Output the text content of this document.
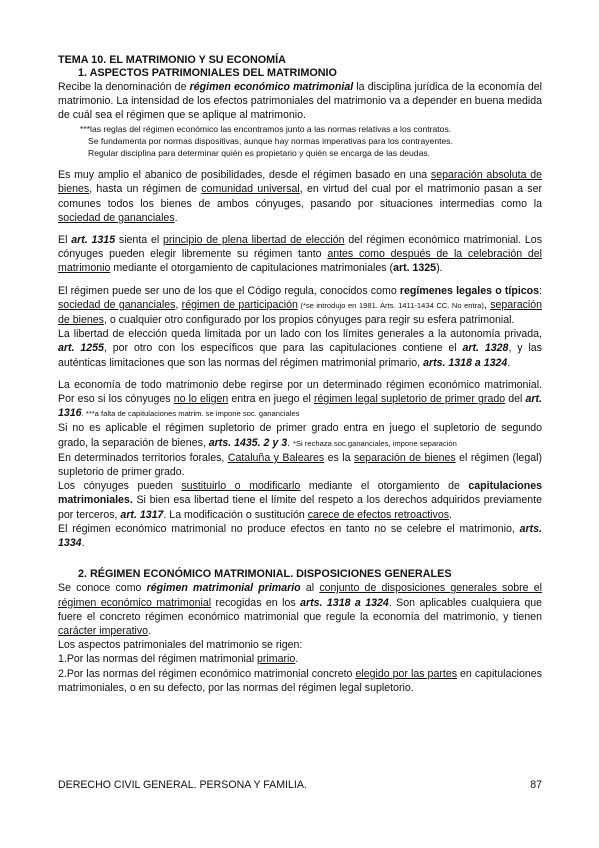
TEMA 10. EL MATRIMONIO Y SU ECONOMÍA

1. ASPECTOS PATRIMONIALES DEL MATRIMONIO

Recibe la denominación de régimen económico matrimonial la disciplina jurídica de la economía del matrimonio. La intensidad de los efectos patrimoniales del matrimonio va a depender en buena medida de cuál sea el régimen que se aplique al matrimonio.

***las reglas del régimen económico las encontramos junto a las normas relativas a los contratos.
Se fundamenta por normas dispositivas, aunque hay normas imperativas para los contrayentes.
Regular disciplina para determinar quién es propietario y quién se encarga de las deudas.

Es muy amplio el abanico de posibilidades, desde el régimen basado en una separación absoluta de bienes, hasta un régimen de comunidad universal, en virtud del cual por el matrimonio pasan a ser comunes todos los bienes de ambos cónyuges, pasando por situaciones intermedias como la sociedad de gananciales.

El art. 1315 sienta el principio de plena libertad de elección del régimen económico matrimonial. Los cónyuges pueden elegir libremente su régimen tanto antes como después de la celebración del matrimonio mediante el otorgamiento de capitulaciones matrimoniales (art. 1325).

El régimen puede ser uno de los que el Código regula, conocidos como regímenes legales o típicos: sociedad de gananciales, régimen de participación (*se introdujo en 1981. Arts. 1411-1434 CC. No entra), separación de bienes, o cualquier otro configurado por los propios cónyuges para regir su esfera patrimonial.

La libertad de elección queda limitada por un lado con los límites generales a la autonomía privada, art. 1255, por otro con los específicos que para las capitulaciones contiene el art. 1328, y las auténticas limitaciones que son las normas del régimen matrimonial primario, arts. 1318 a 1324.

La economía de todo matrimonio debe regirse por un determinado régimen económico matrimonial. Por eso si los cónyuges no lo eligen entra en juego el régimen legal supletorio de primer grado del art. 1316. ***a falta de capitulaciones matrim. se impone soc. gananciales

Si no es aplicable el régimen supletorio de primer grado entra en juego el supletorio de segundo grado, la separación de bienes, arts. 1435. 2 y 3. *Si rechaza soc.gananciales, impone separación

En determinados territorios forales, Cataluña y Baleares es la separación de bienes el régimen (legal) supletorio de primer grado.

Los cónyuges pueden sustituirlo o modificarlo mediante el otorgamiento de capitulaciones matrimoniales. Si bien esa libertad tiene el límite del respeto a los derechos adquiridos previamente por terceros, art. 1317. La modificación o sustitución carece de efectos retroactivos.

El régimen económico matrimonial no produce efectos en tanto no se celebre el matrimonio, arts. 1334.

2. RÉGIMEN ECONÓMICO MATRIMONIAL. DISPOSICIONES GENERALES

Se conoce como régimen matrimonial primario al conjunto de disposiciones generales sobre el régimen económico matrimonial recogidas en los arts. 1318 a 1324. Son aplicables cualquiera que fuere el concreto régimen económico matrimonial que regule la economía del matrimonio, y tienen carácter imperativo.

Los aspectos patrimoniales del matrimonio se rigen:

1.Por las normas del régimen matrimonial primario.

2.Por las normas del régimen económico matrimonial concreto elegido por las partes en capitulaciones matrimoniales, o en su defecto, por las normas del régimen legal supletorio.

DERECHO CIVIL GENERAL. PERSONA Y FAMILIA.	87
